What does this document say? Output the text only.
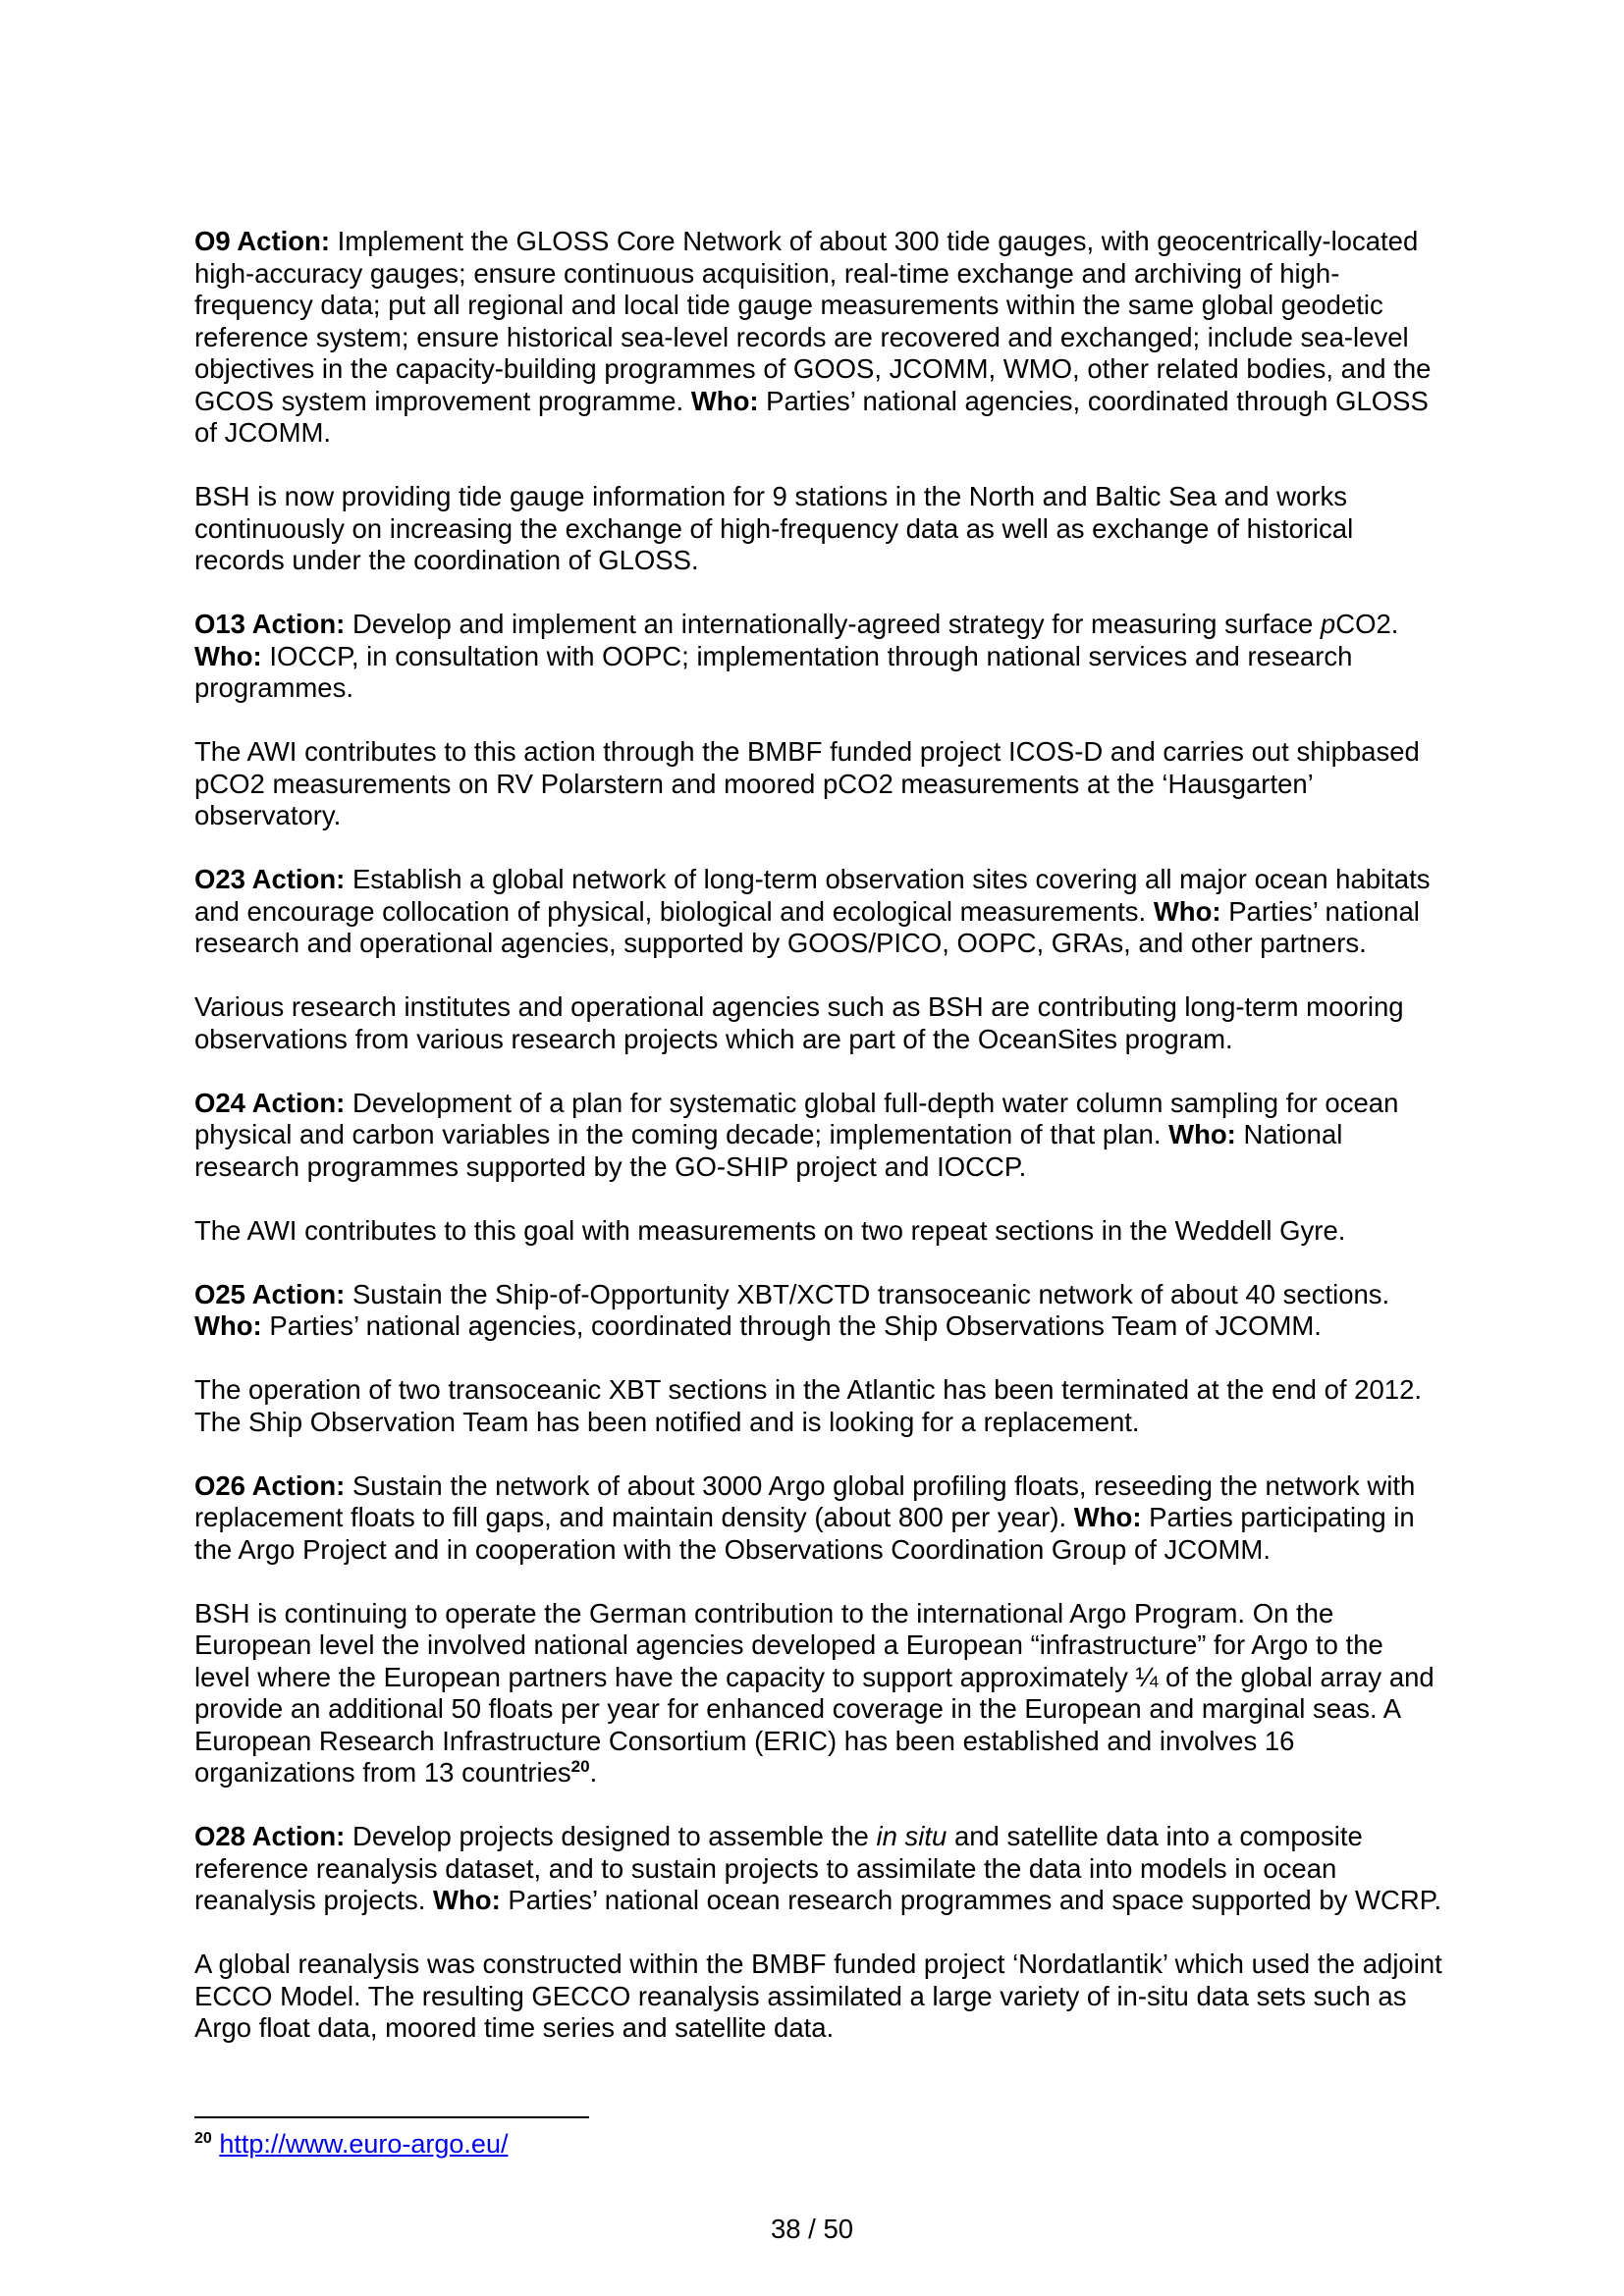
O9 Action: Implement the GLOSS Core Network of about 300 tide gauges, with geocentrically-located high-accuracy gauges; ensure continuous acquisition, real-time exchange and archiving of high-frequency data; put all regional and local tide gauge measurements within the same global geodetic reference system; ensure historical sea-level records are recovered and exchanged; include sea-level objectives in the capacity-building programmes of GOOS, JCOMM, WMO, other related bodies, and the GCOS system improvement programme. Who: Parties’ national agencies, coordinated through GLOSS of JCOMM.

BSH is now providing tide gauge information for 9 stations in the North and Baltic Sea and works continuously on increasing the exchange of high-frequency data as well as exchange of historical records under the coordination of GLOSS.

O13 Action: Develop and implement an internationally-agreed strategy for measuring surface pCO2. Who: IOCCP, in consultation with OOPC; implementation through national services and research programmes.

The AWI contributes to this action through the BMBF funded project ICOS-D and carries out shipbased pCO2 measurements on RV Polarstern and moored pCO2 measurements at the ‘Hausgarten’ observatory.

O23 Action: Establish a global network of long-term observation sites covering all major ocean habitats and encourage collocation of physical, biological and ecological measurements. Who: Parties’ national research and operational agencies, supported by GOOS/PICO, OOPC, GRAs, and other partners.

Various research institutes and operational agencies such as BSH are contributing long-term mooring observations from various research projects which are part of the OceanSites program.

O24 Action: Development of a plan for systematic global full-depth water column sampling for ocean physical and carbon variables in the coming decade; implementation of that plan. Who: National research programmes supported by the GO-SHIP project and IOCCP.

The AWI contributes to this goal with measurements on two repeat sections in the Weddell Gyre.

O25 Action: Sustain the Ship-of-Opportunity XBT/XCTD transoceanic network of about 40 sections. Who: Parties’ national agencies, coordinated through the Ship Observations Team of JCOMM.

The operation of two transoceanic XBT sections in the Atlantic has been terminated at the end of 2012. The Ship Observation Team has been notified and is looking for a replacement.

O26 Action: Sustain the network of about 3000 Argo global profiling floats, reseeding the network with replacement floats to fill gaps, and maintain density (about 800 per year). Who: Parties participating in the Argo Project and in cooperation with the Observations Coordination Group of JCOMM.

BSH is continuing to operate the German contribution to the international Argo Program. On the European level the involved national agencies developed a European “infrastructure” for Argo to the level where the European partners have the capacity to support approximately ¼ of the global array and provide an additional 50 floats per year for enhanced coverage in the European and marginal seas. A European Research Infrastructure Consortium (ERIC) has been established and involves 16 organizations from 13 countries$^{20}$.

O28 Action: Develop projects designed to assemble the in situ and satellite data into a composite reference reanalysis dataset, and to sustain projects to assimilate the data into models in ocean reanalysis projects. Who: Parties’ national ocean research programmes and space supported by WCRP.

A global reanalysis was constructed within the BMBF funded project ‘Nordatlantik’ which used the adjoint ECCO Model. The resulting GECCO reanalysis assimilated a large variety of in-situ data sets such as Argo float data, moored time series and satellite data.

$^{20}$ http://www.euro-argo.eu/
38 / 50
